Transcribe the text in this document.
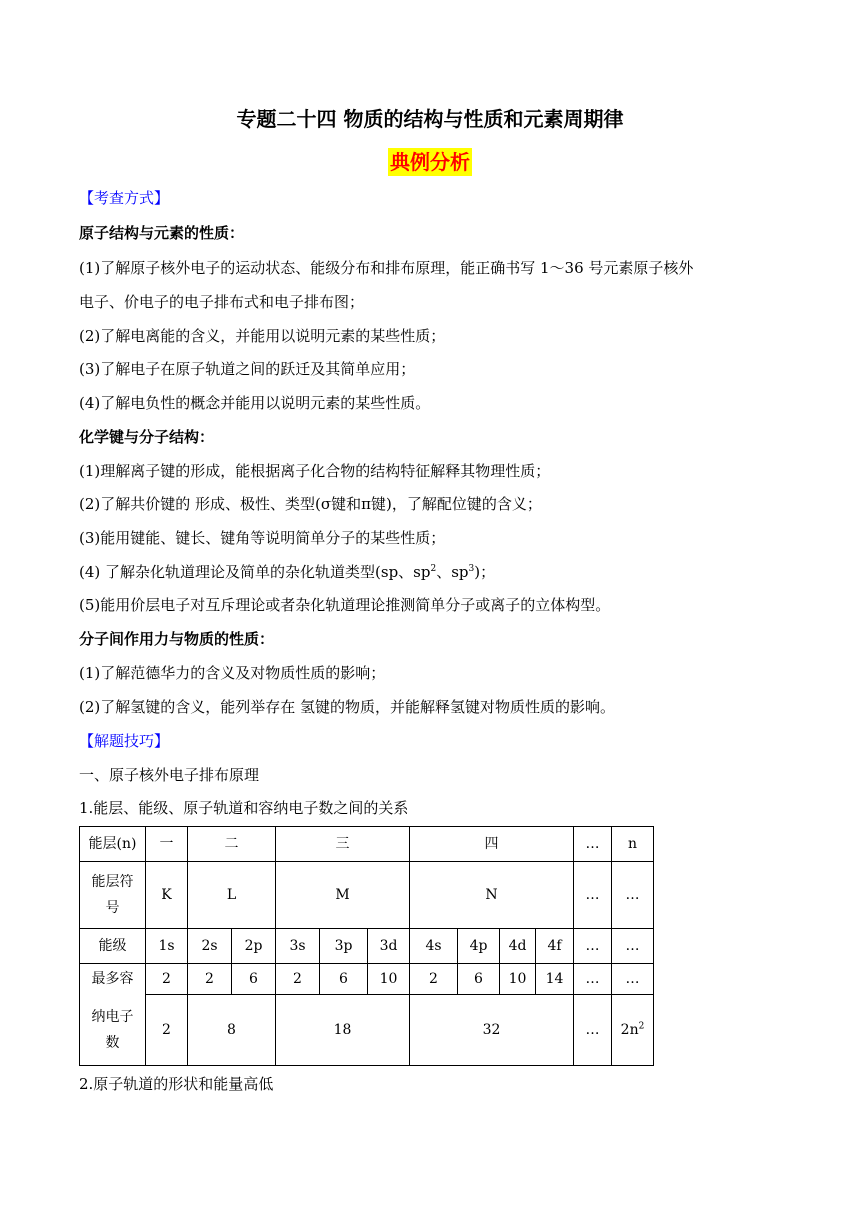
专题二十四 物质的结构与性质和元素周期律
典例分析
【考查方式】
原子结构与元素的性质：
(1)了解原子核外电子的运动状态、能级分布和排布原理，能正确书写 1～36 号元素原子核外
电子、价电子的电子排布式和电子排布图；
(2)了解电离能的含义，并能用以说明元素的某些性质；
(3)了解电子在原子轨道之间的跃迁及其简单应用；
(4)了解电负性的概念并能用以说明元素的某些性质。
化学键与分子结构：
(1)理解离子键的形成，能根据离子化合物的结构特征解释其物理性质；
(2)了解共价键的 形成、极性、类型(σ键和π键)，了解配位键的含义；
(3)能用键能、键长、键角等说明简单分子的某些性质；
(4) 了解杂化轨道理论及简单的杂化轨道类型(sp、$sp^2$、$sp^3$)；
(5)能用价层电子对互斥理论或者杂化轨道理论推测简单分子或离子的立体构型。
分子间作用力与物质的性质：
(1)了解范德华力的含义及对物质性质的影响；
(2)了解氢键的含义，能列举存在 氢键的物质，并能解释氢键对物质性质的影响。
【解题技巧】
一、原子核外电子排布原理
1.能层、能级、原子轨道和容纳电子数之间的关系
能层(n)	一	二		三			四				…	n
能层符
号	K	L		M			N				…	…
能级	1s	2s	2p	3s	3p	3d	4s	4p	4d	4f	…	…
最多容	2	2	6	2	6	10	2	6	10	14	…	…
纳电子
数	2	8		18			32				…	$2n^2$
2.原子轨道的形状和能量高低
